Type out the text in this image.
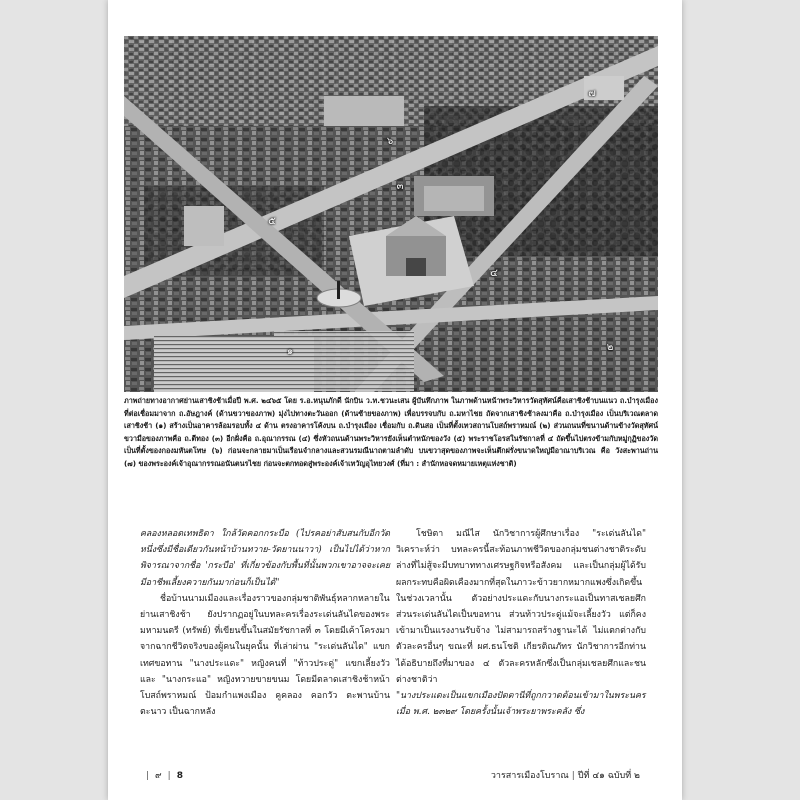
๗
๖
๓
๕
๔
๑	๒
ภาพถ่ายทางอากาศย่านเสาชิงช้าเมื่อปี พ.ศ. ๒๔๖๕ โดย ร.อ.หนุนภักดี นักบิน ว.ท.ชวนะเสน ผู้บันทึกภาพ ในภาพด้านหน้าพระวิหารวัดสุทัศน์คือเสาชิงช้าบนแนว ถ.บำรุงเมือง ที่ต่อเชื่อมมาจาก ถ.อัษฎางค์ (ด้านขวาของภาพ) มุ่งไปทางตะวันออก (ด้านซ้ายของภาพ) เพื่อบรรจบกับ ถ.มหาไชย ถัดจากเสาชิงช้าลงมาคือ ถ.บำรุงเมือง เป็นบริเวณตลาดเสาชิงช้า (๑) สร้างเป็นอาคารล้อมรอบทั้ง ๔ ด้าน ตรงอาคารโค้งบน ถ.บำรุงเมือง เชื่อมกับ ถ.ดินสอ เป็นที่ตั้งเทวสถานโบสถ์พราหมณ์ (๒) ส่วนถนนที่ขนานด้านข้างวัดสุทัศน์ ขวามือของภาพคือ ถ.ตีทอง (๓) อีกฝั่งคือ ถ.อุณากรรณ (๔) ซึ่งหัวถนนด้านพระวิหารยังเห็นตำหนักของวัง (๕) พระราชโอรสในรัชกาลที่ ๔ ถัดขึ้นไปตรงข้ามกับหมู่กุฏิของวัดเป็นที่ตั้งของกองมหันตโทษ (๖) ก่อนจะกลายมาเป็นเรือนจำกลางและสวนรมณีนาถตามลำดับ บนขวาสุดของภาพจะเห็นตึกฝรั่งขนาดใหญ่มีอาณาบริเวณ คือ วังสะพานถ่าน (๗) ของพระองค์เจ้าอุณากรรณอนันตนรไชย ก่อนจะตกทอดสู่พระองค์เจ้าเทวัญอุไทยวงศ์ (ที่มา : สำนักหอจดหมายเหตุแห่งชาติ)

คลองหลอดเทพธิดา ใกล้วัดคอกกระบือ (ไปรคอย่าสับสนกับอีกวัดหนึ่งซึ่งมีชื่อเดียวกันหน้าบ้านทวาย-วัดยานนาวา) เป็นไปได้ว่าหากพิจารณาจากชื่อ 'กระบือ' ที่เกี่ยวข้องกับพื้นที่นั้นพวกเขาอาจจะเคยมีอาชีพเลี้ยงควายกันมาก่อนก็เป็นได้"

ชื่อบ้านนามเมืองและเรื่องราวของกลุ่มชาติพันธุ์หลากหลายในย่านเสาชิงช้า ยังปรากฏอยู่ในบทละครเรื่องระเด่นลันไดของพระมหามนตรี (ทรัพย์) ที่เขียนขึ้นในสมัยรัชกาลที่ ๓ โดยมีเค้าโครงมาจากฉากชีวิตจริงของผู้คนในยุคนั้น ที่เล่าผ่าน "ระเด่นลันได" แขกเทศขอทาน "นางประแดะ" หญิงคนที่ "ท้าวประดู่" แขกเลี้ยงวัว และ "นางกระแอ" หญิงทวายขายขนม โดยมีตลาดเสาชิงช้าหน้าโบสถ์พราหมณ์ ป้อมกำแพงเมือง คูคลอง คอกวัว ตะพานบ้านตะนาว เป็นฉากหลัง

โชษิตา มณีไส นักวิชาการผู้ศึกษาเรื่อง "ระเด่นลันได" วิเคราะห์ว่า บทละครนี้สะท้อนภาพชีวิตของกลุ่มชนต่างชาติระดับล่างที่ไม่สู้จะมีบทบาททางเศรษฐกิจหรือสังคม และเป็นกลุ่มผู้ได้รับผลกระทบคือผิดเคืองมากที่สุดในภาวะข้าวยากหมากแพงซึ่งเกิดขึ้นในช่วงเวลานั้น ตัวอย่างประแดะกับนางกระแอเป็นทาสเชลยศึก ส่วนระเด่นลันไดเป็นขอทาน ส่วนท้าวประดู่แม้จะเลี้ยงวัว แต่ก็คงเข้ามาเป็นแรงงานรับจ้าง ไม่สามารถสร้างฐานะได้ ไม่แตกต่างกับตัวละครอื่นๆ ขณะที่ ผศ.ธนโชติ เกียรติณภัทร นักวิชาการอีกท่านได้อธิบายถึงที่มาของ ๔ ตัวละครหลักซึ่งเป็นกลุ่มเชลยศึกและชนต่างชาติว่า

"นางประแดะเป็นแขกเมืองปัตตานีที่ถูกกวาดต้อนเข้ามาในพระนครเมื่อ พ.ศ. ๒๓๒๙ โดยครั้งนั้นเจ้าพระยาพระคลัง ซึ่ง

| ๙ | 8	วารสารเมืองโบราณ | ปีที่ ๔๑ ฉบับที่ ๒
